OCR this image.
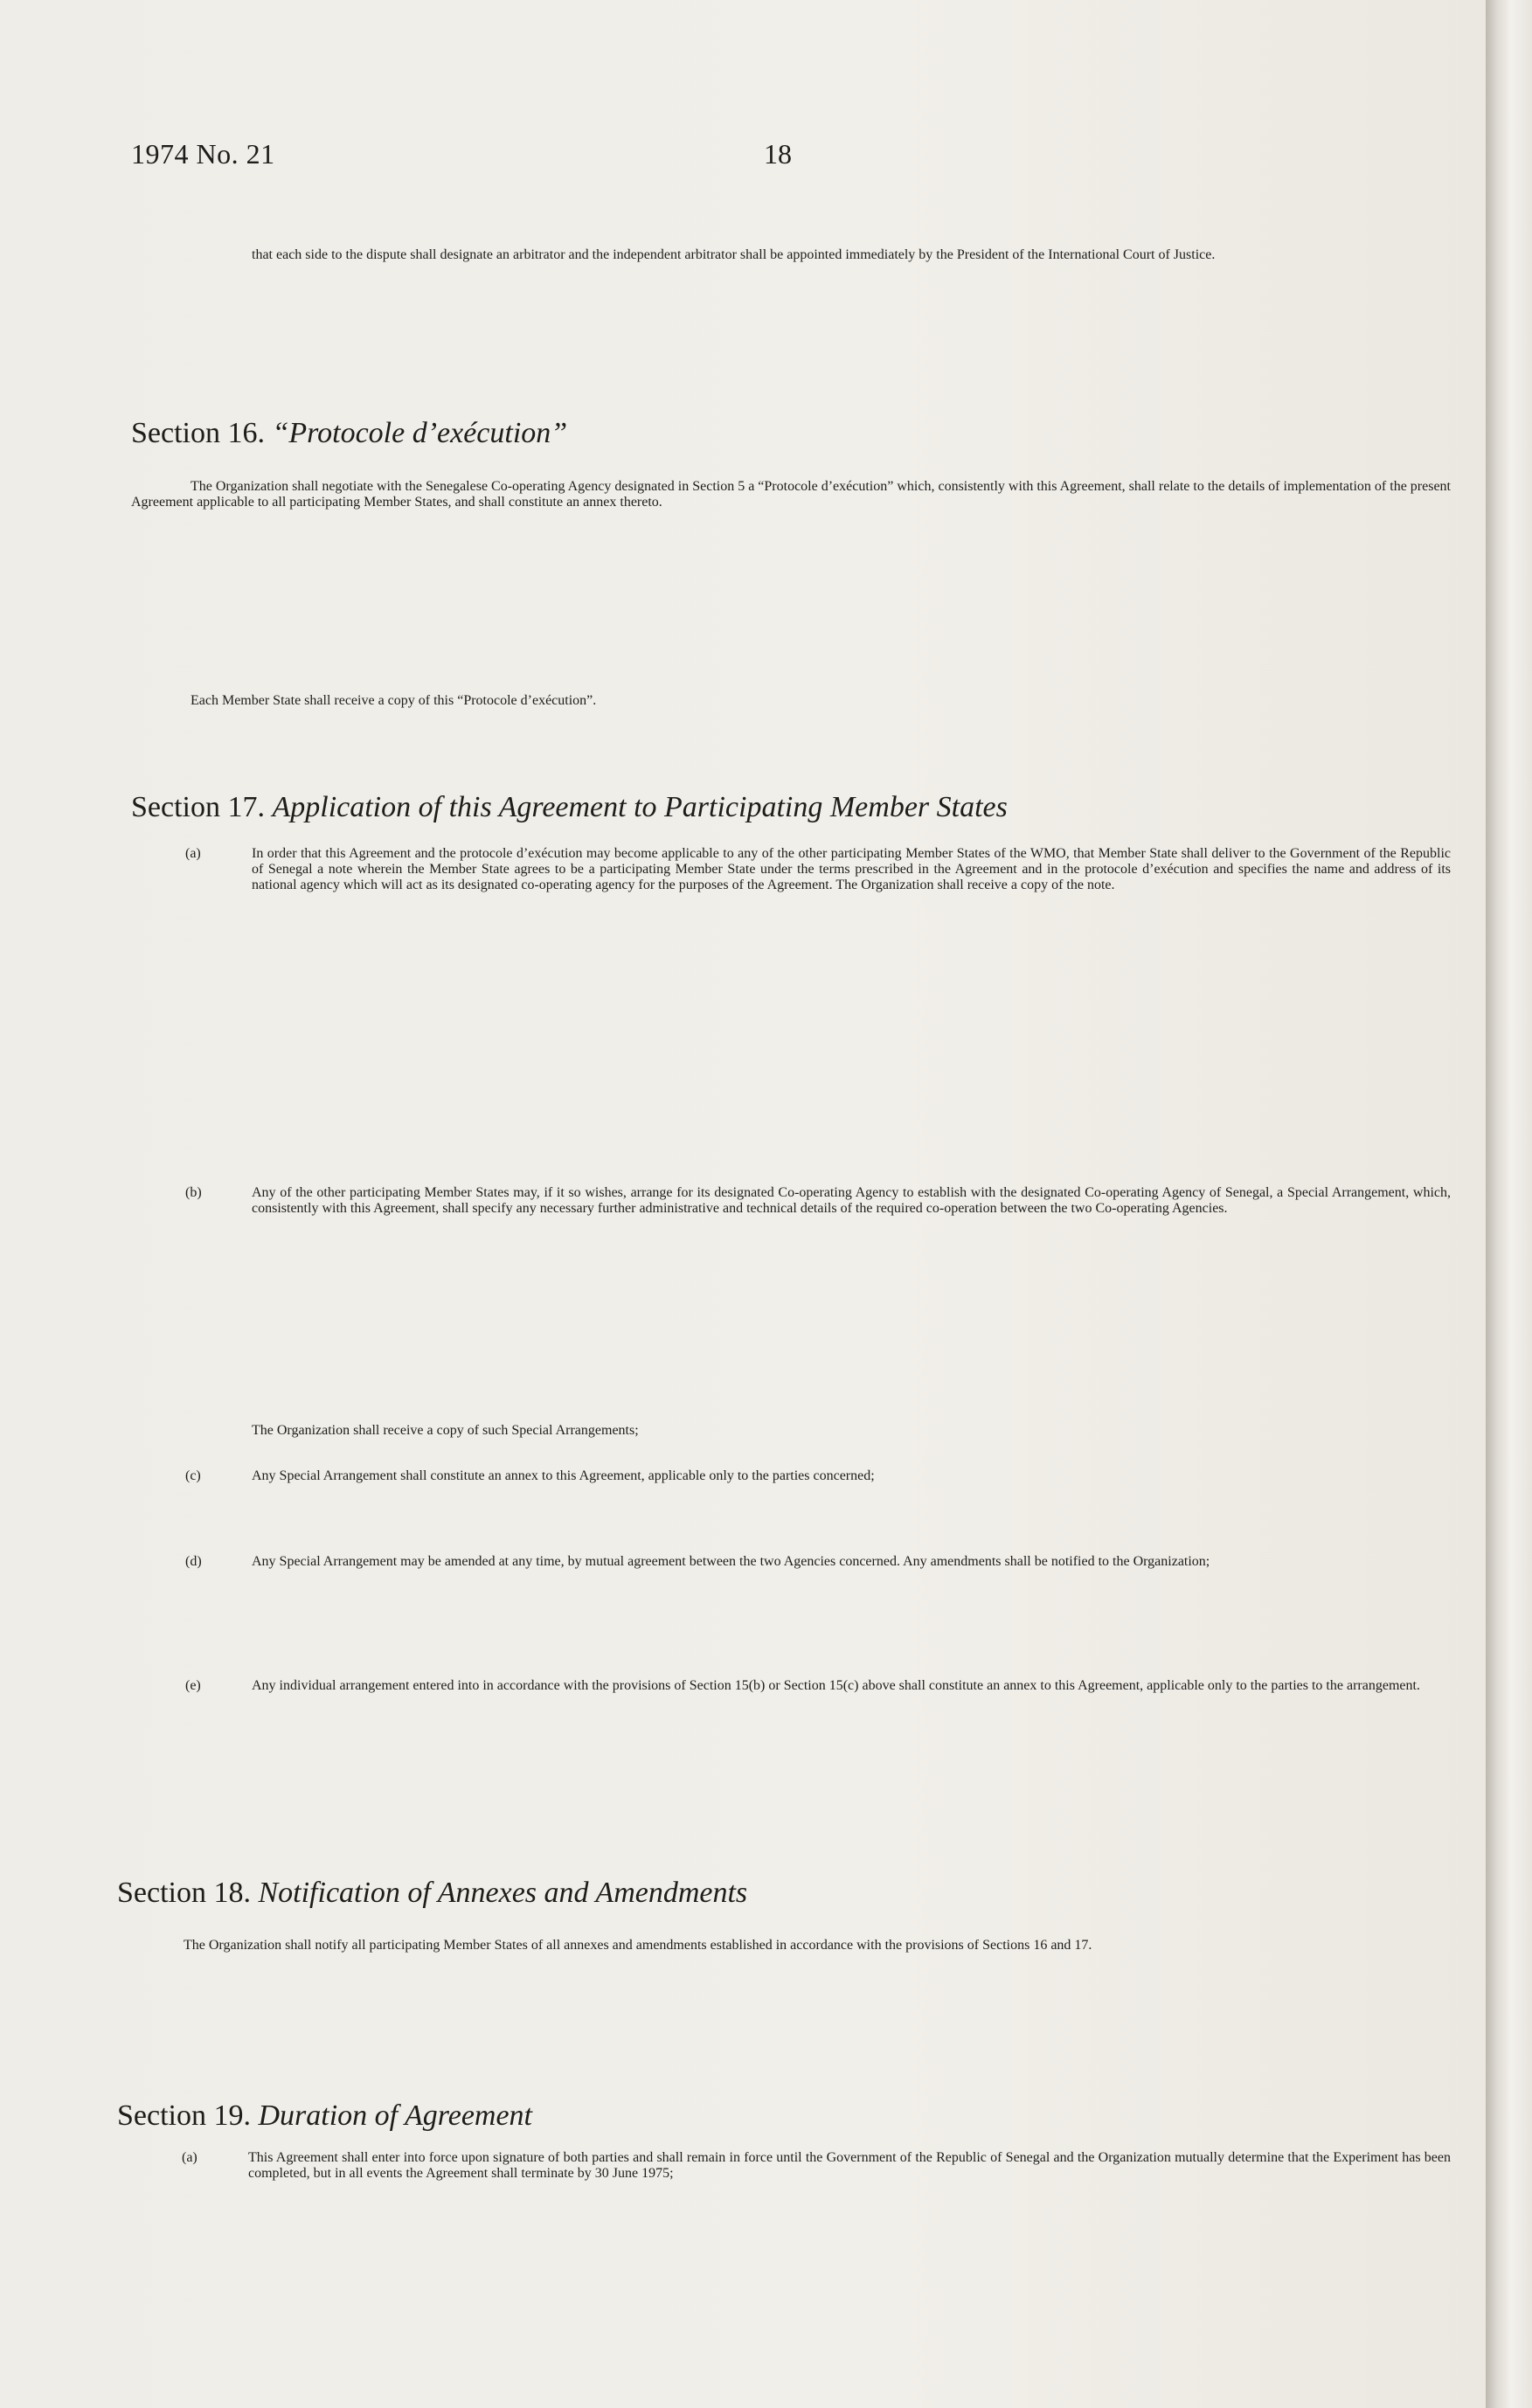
1974 No. 21	18

that each side to the dispute shall designate an arbitrator and the independent arbitrator shall be appointed immediately by the President of the International Court of Justice.

Section 16. “Protocole d’exécution”

The Organization shall negotiate with the Senegalese Co-operating Agency designated in Section 5 a “Protocole d’exécution” which, consistently with this Agreement, shall relate to the details of implementation of the present Agreement applicable to all participating Member States, and shall constitute an annex thereto.

Each Member State shall receive a copy of this “Protocole d’exécution”.

Section 17. Application of this Agreement to Participating Member States
(a)	In order that this Agreement and the protocole d’exécution may become applicable to any of the other participating Member States of the WMO, that Member State shall deliver to the Government of the Republic of Senegal a note wherein the Member State agrees to be a participating Member State under the terms prescribed in the Agreement and in the protocole d’exécution and specifies the name and address of its national agency which will act as its designated co-operating agency for the purposes of the Agreement. The Organization shall receive a copy of the note.
(b)	Any of the other participating Member States may, if it so wishes, arrange for its designated Co-operating Agency to establish with the designated Co-operating Agency of Senegal, a Special Arrangement, which, consistently with this Agreement, shall specify any necessary further administrative and technical details of the required co-operation between the two Co-operating Agencies.
The Organization shall receive a copy of such Special Arrangements;
(c)	Any Special Arrangement shall constitute an annex to this Agreement, applicable only to the parties concerned;
(d)	Any Special Arrangement may be amended at any time, by mutual agreement between the two Agencies concerned. Any amendments shall be notified to the Organization;
(e)	Any individual arrangement entered into in accordance with the provisions of Section 15(b) or Section 15(c) above shall constitute an annex to this Agreement, applicable only to the parties to the arrangement.
Section 18. Notification of Annexes and Amendments

The Organization shall notify all participating Member States of all annexes and amendments established in accordance with the provisions of Sections 16 and 17.

Section 19. Duration of Agreement
(a)	This Agreement shall enter into force upon signature of both parties and shall remain in force until the Government of the Republic of Senegal and the Organization mutually determine that the Experiment has been completed, but in all events the Agreement shall terminate by 30 June 1975;
